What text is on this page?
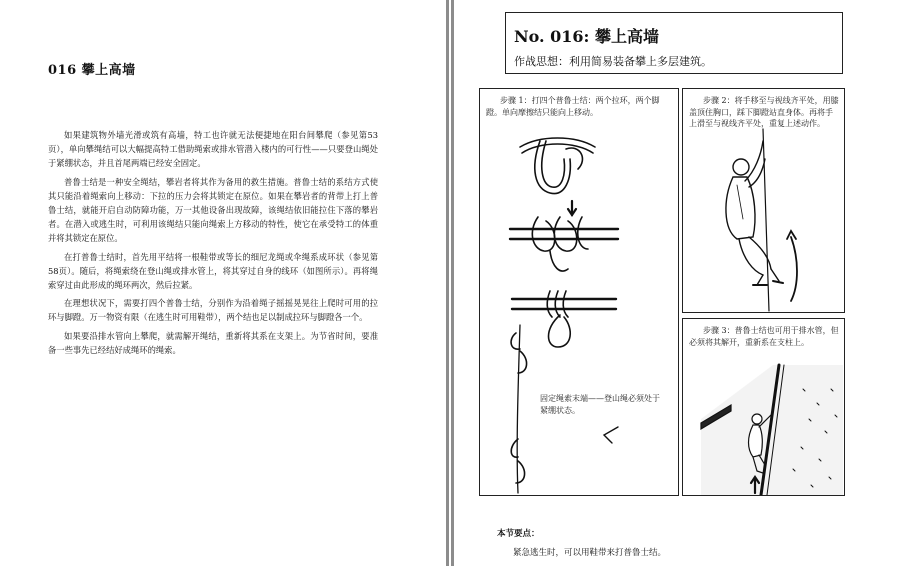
016 攀上高墙

如果建筑物外墙光滑或筑有高墙，特工也许就无法便捷地在阳台间攀爬（参见第53页），单向攀绳结可以大幅提高特工借助绳索或排水管潜入楼内的可行性——只要登山绳处于紧绷状态，并且首尾两端已经安全固定。

普鲁士结是一种安全绳结，攀岩者将其作为备用的救生措施。普鲁士结的系结方式使其只能沿着绳索向上移动：下拉的压力会将其锁定在原位。如果在攀岩者的背带上打上普鲁士结，就能开启自动防障功能，万一其他设备出现故障，该绳结依旧能拉住下落的攀岩者。在潜入或逃生时，可利用该绳结只能向绳索上方移动的特性，使它在承受特工的体重并将其锁定在原位。

在打普鲁士结时，首先用平结将一根鞋带或等长的细尼龙绳或伞绳系成环状（参见第58页）。随后，将绳索绕在登山绳或排水管上，将其穿过自身的线环（如图所示）。再将绳索穿过由此形成的绳环两次，然后拉紧。

在理想状况下，需要打四个普鲁士结，分别作为沿着绳子摇摇晃晃往上爬时可用的拉环与脚蹬。万一物资有限（在逃生时可用鞋带），两个结也足以制成拉环与脚蹬各一个。

如果要沿排水管向上攀爬，就需解开绳结，重新将其系在支架上。为节省时间，要准备一些事先已经结好成绳环的绳索。

No. 016: 攀上高墙
作战思想：利用简易装备攀上多层建筑。
步骤 1：打四个普鲁士结：两个拉环，两个脚蹬。单向摩擦结只能向上移动。
固定绳索末端——登山绳必须处于紧绷状态。
步骤 2：将手移至与视线齐平处，用膝盖顶住胸口，踩下脚蹬站直身体。再将手上滑至与视线齐平处，重复上述动作。
步骤 3：普鲁士结也可用于排水管，但必须将其解开，重新系在支柱上。
本节要点：
紧急逃生时，可以用鞋带来打普鲁士结。
